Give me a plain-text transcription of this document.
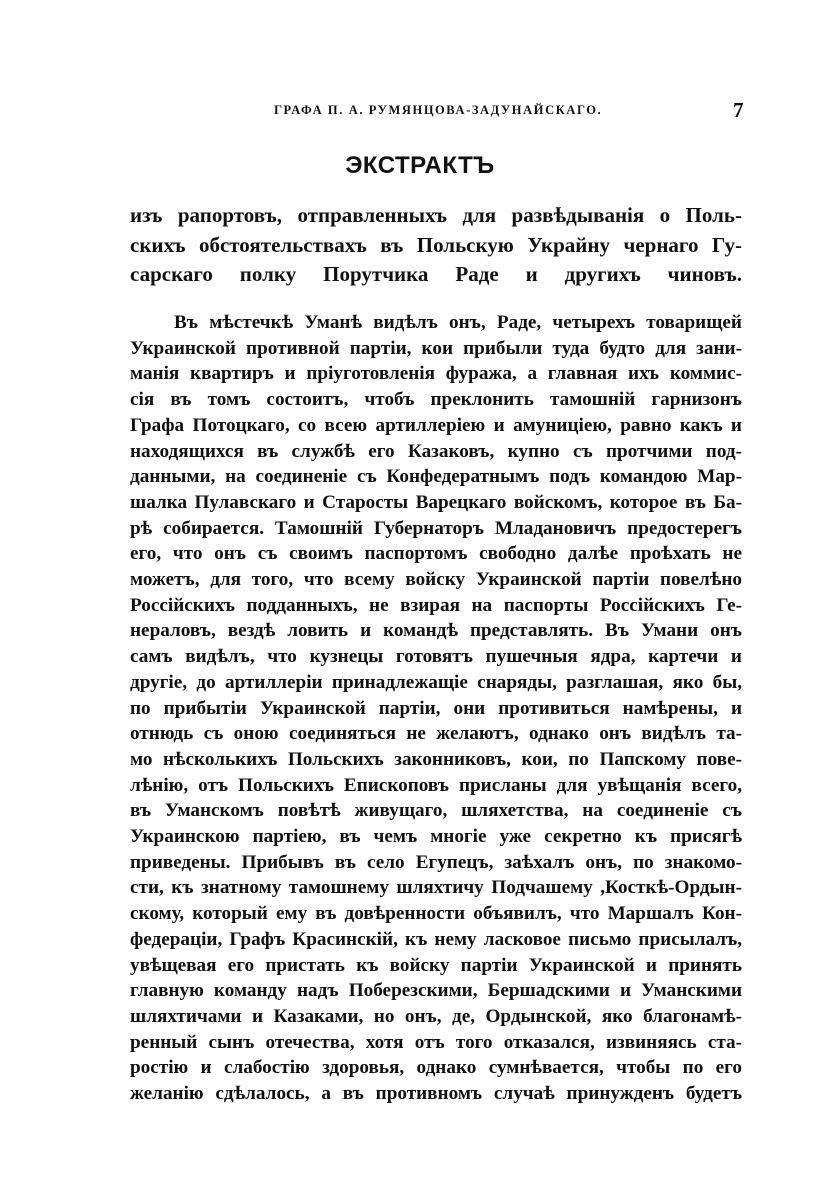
ГРАФА П. А. РУМЯНЦОВА-ЗАДУНАЙСКАГО.	7
ЭКСТРАКТЪ
изъ рапортовъ, отправленныхъ для развѣдыванія о Поль-
скихъ обстоятельствахъ въ Польскую Украйну чернаго Гу-
сарскаго полку Порутчика Раде и другихъ чиновъ.
Въ мѣстечкѣ Уманѣ видѣлъ онъ, Раде, четырехъ товарищей
Украинской противной партіи, кои прибыли туда будто для зани-
манія квартиръ и пріуготовленія фуража, а главная ихъ коммис-
сія въ томъ состоитъ, чтобъ преклонить тамошній гарнизонъ
Графа Потоцкаго, со всею артиллеріею и амуниціею, равно какъ и
находящихся въ службѣ его Казаковъ, купно съ протчими под-
данными, на соединеніе съ Конфедератнымъ подъ командою Мар-
шалка Пулавскаго и Старосты Варецкаго войскомъ, которое въ Ба-
рѣ собирается. Тамошній Губернаторъ Младановичъ предостерегъ
его, что онъ съ своимъ паспортомъ свободно далѣе проѣхать не
можетъ, для того, что всему войску Украинской партіи повелѣно
Россійскихъ подданныхъ, не взирая на паспорты Россійскихъ Ге-
нераловъ, вездѣ ловить и командѣ представлять. Въ Умани онъ
самъ видѣлъ, что кузнецы готовятъ пушечныя ядра, картечи и
другіе, до артиллеріи принадлежащіе снаряды, разглашая, яко бы,
по прибытіи Украинской партіи, они противиться намѣрены, и
отнюдь съ оною соединяться не желаютъ, однако онъ видѣлъ та-
мо нѣсколькихъ Польскихъ законниковъ, кои, по Папскому пове-
лѣнію, отъ Польскихъ Епископовъ присланы для увѣщанія всего,
въ Уманскомъ повѣтѣ живущаго, шляхетства, на соединеніе съ
Украинскою партіею, въ чемъ многіе уже секретно къ присягѣ
приведены. Прибывъ въ село Егупецъ, заѣхалъ онъ, по знакомо-
сти, къ знатному тамошнему шляхтичу Подчашему ,Косткѣ-Ордын-
скому, который ему въ довѣренности объявилъ, что Маршалъ Кон-
федераціи, Графъ Красинскій, къ нему ласковое письмо присылалъ,
увѣщевая его пристать къ войску партіи Украинской и принять
главную команду надъ Поберезскими, Бершадскими и Уманскими
шляхтичами и Казаками, но онъ, де, Ордынской, яко благонамѣ-
ренный сынъ отечества, хотя отъ того отказался, извиняясь ста-
ростію и слабостію здоровья, однако сумнѣвается, чтобы по его
желанію сдѣлалось, а въ противномъ случаѣ принужденъ будетъ
